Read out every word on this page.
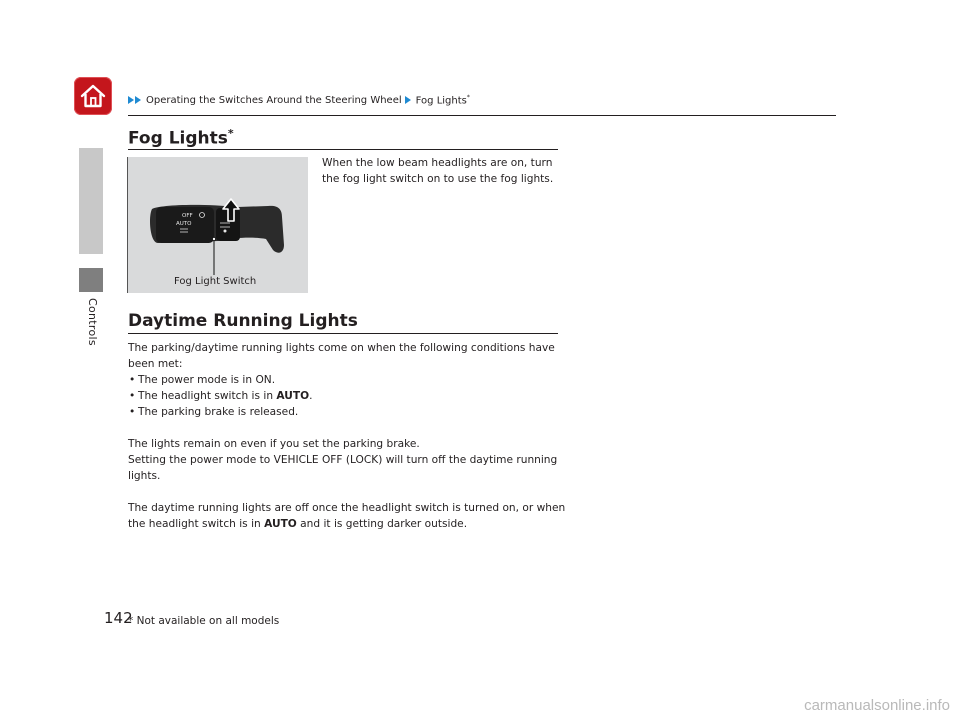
Operating the Switches Around the Steering Wheel Fog Lights*
Controls
Fog Lights*
OFF
AUTO
Fog Light Switch
When the low beam headlights are on, turn the fog light switch on to use the fog lights.
Daytime Running Lights

The parking/daytime running lights come on when the following conditions have been met:

• The power mode is in ON.
• The headlight switch is in AUTO.
• The parking brake is released.

The lights remain on even if you set the parking brake.

Setting the power mode to VEHICLE OFF (LOCK) will turn off the daytime running lights.

The daytime running lights are off once the headlight switch is turned on, or when the headlight switch is in AUTO and it is getting darker outside.

142
* Not available on all models
carmanualsonline.info
